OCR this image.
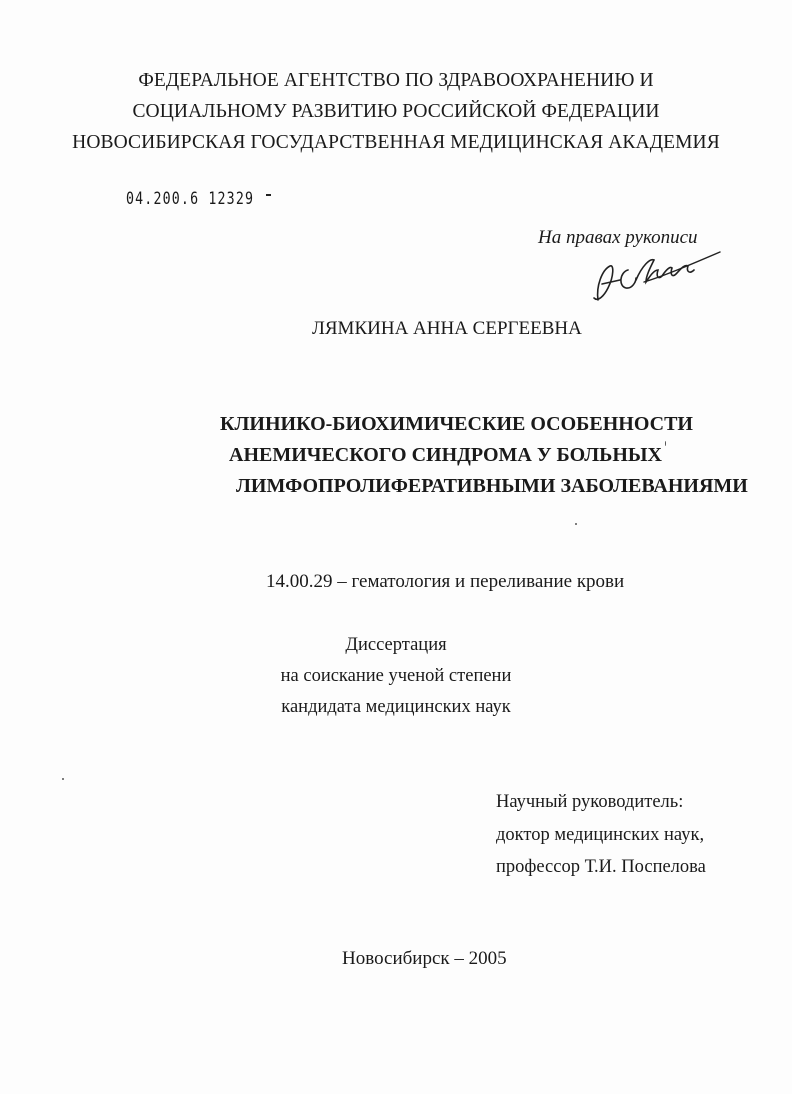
ФЕДЕРАЛЬНОЕ АГЕНТСТВО ПО ЗДРАВООХРАНЕНИЮ И
СОЦИАЛЬНОМУ РАЗВИТИЮ РОССИЙСКОЙ ФЕДЕРАЦИИ
НОВОСИБИРСКАЯ ГОСУДАРСТВЕННАЯ МЕДИЦИНСКАЯ АКАДЕМИЯ
04.200.6 12329
На правах рукописи
ЛЯМКИНА АННА СЕРГЕЕВНА
КЛИНИКО-БИОХИМИЧЕСКИЕ ОСОБЕННОСТИ
АНЕМИЧЕСКОГО СИНДРОМА У БОЛЬНЫХ
ЛИМФОПРОЛИФЕРАТИВНЫМИ ЗАБОЛЕВАНИЯМИ
14.00.29 – гематология и переливание крови
Диссертация
на соискание ученой степени
кандидата медицинских наук
Научный руководитель:
доктор медицинских наук,
профессор Т.И. Поспелова
Новосибирск – 2005
